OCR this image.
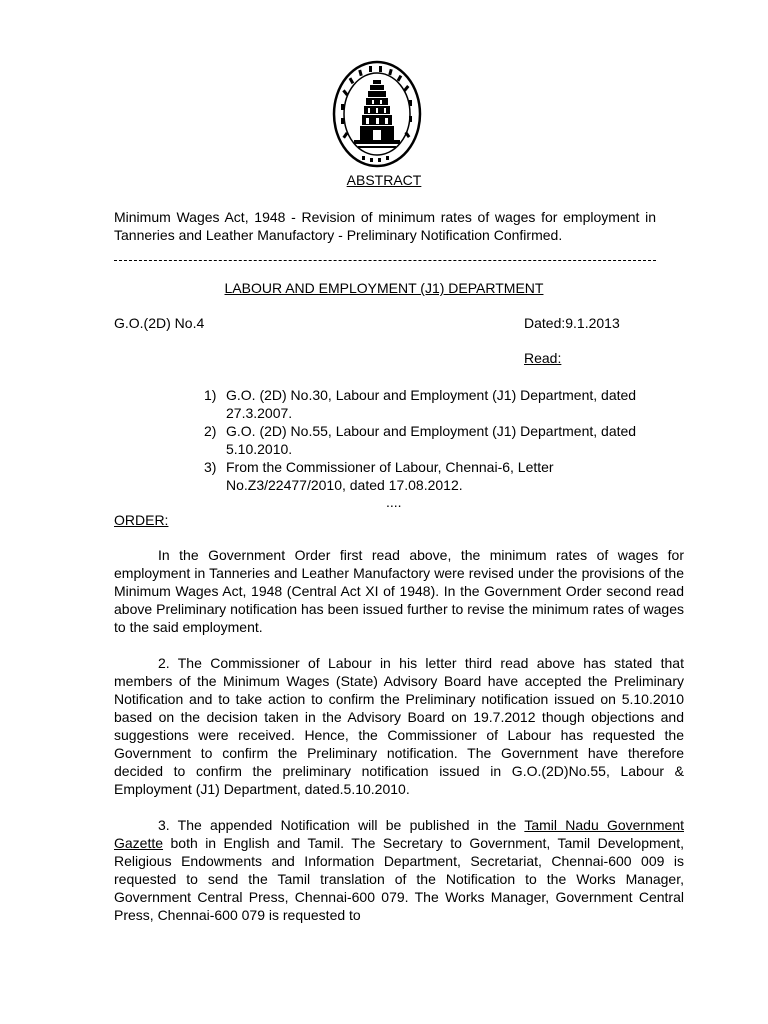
ABSTRACT
Minimum Wages Act, 1948 - Revision of minimum rates of wages for employment in Tanneries and Leather Manufactory - Preliminary Notification Confirmed.
LABOUR AND EMPLOYMENT (J1) DEPARTMENT
G.O.(2D) No.4	Dated:9.1.2013
Read:
1) G.O. (2D) No.30, Labour and Employment (J1) Department, dated 27.3.2007.
2) G.O. (2D) No.55, Labour and Employment (J1) Department, dated 5.10.2010.
3) From the Commissioner of Labour, Chennai-6, Letter No.Z3/22477/2010, dated 17.08.2012.
....
ORDER:

In the Government Order first read above, the minimum rates of wages for employment in Tanneries and Leather Manufactory were revised under the provisions of the Minimum Wages Act, 1948 (Central Act XI of 1948). In the Government Order second read above Preliminary notification has been issued further to revise the minimum rates of wages to the said employment.

2. The Commissioner of Labour in his letter third read above has stated that members of the Minimum Wages (State) Advisory Board have accepted the Preliminary Notification and to take action to confirm the Preliminary notification issued on 5.10.2010 based on the decision taken in the Advisory Board on 19.7.2012 though objections and suggestions were received. Hence, the Commissioner of Labour has requested the Government to confirm the Preliminary notification. The Government have therefore decided to confirm the preliminary notification issued in G.O.(2D)No.55, Labour & Employment (J1) Department, dated.5.10.2010.

3. The appended Notification will be published in the Tamil Nadu Government Gazette both in English and Tamil. The Secretary to Government, Tamil Development, Religious Endowments and Information Department, Secretariat, Chennai-600 009 is requested to send the Tamil translation of the Notification to the Works Manager, Government Central Press, Chennai-600 079. The Works Manager, Government Central Press, Chennai-600 079 is requested to
